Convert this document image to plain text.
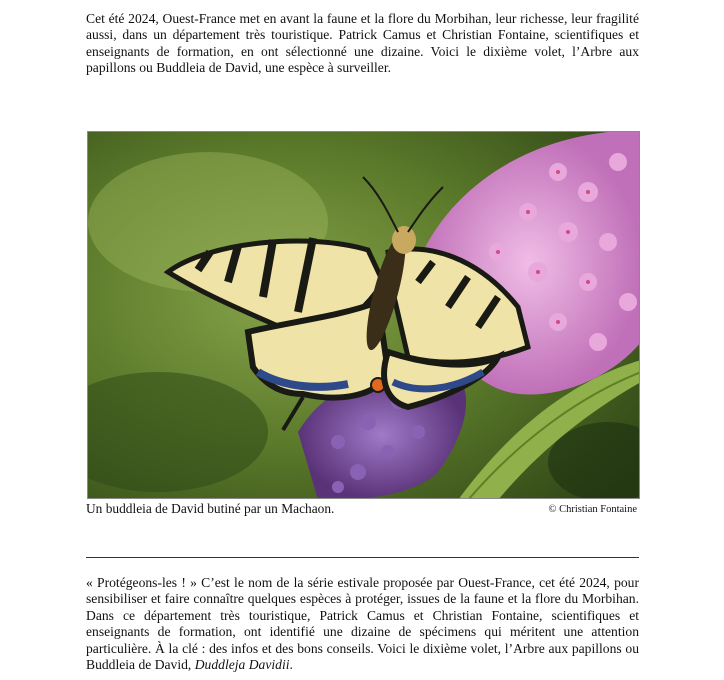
Cet été 2024, Ouest-France met en avant la faune et la flore du Morbihan, leur richesse, leur fragilité aussi, dans un département très touristique. Patrick Camus et Christian Fontaine, scientifiques et enseignants de formation, en ont sélectionné une dizaine. Voici le dixième volet, l’Arbre aux papillons ou Buddleia de David, une espèce à surveiller.

Un buddleia de David butiné par un Machaon.	© Christian Fontaine

« Protégeons-les ! » C’est le nom de la série estivale proposée par Ouest-France, cet été 2024, pour sensibiliser et faire connaître quelques espèces à protéger, issues de la faune et la flore du Morbihan. Dans ce département très touristique, Patrick Camus et Christian Fontaine, scientifiques et enseignants de formation, ont identifié une dizaine de spécimens qui méritent une attention particulière. À la clé : des infos et des bons conseils. Voici le dixième volet, l’Arbre aux papillons ou Buddleia de David, Duddleja Davidii.
